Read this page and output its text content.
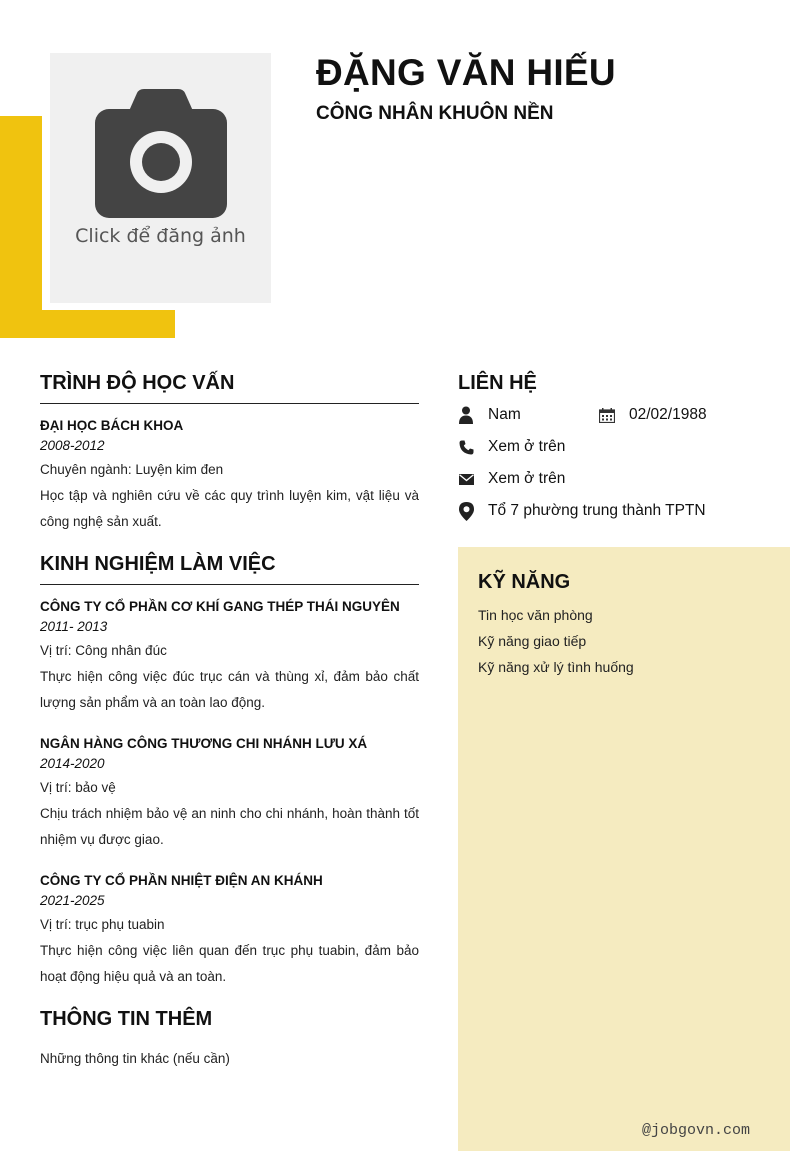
Click để đăng ảnh
ĐẶNG VĂN HIẾU
CÔNG NHÂN KHUÔN NỀN
TRÌNH ĐỘ HỌC VẤN
ĐẠI HỌC BÁCH KHOA
2008-2012
Chuyên ngành: Luyện kim đen
Học tập và nghiên cứu về các quy trình luyện kim, vật liệu và công nghệ sản xuất.
KINH NGHIỆM LÀM VIỆC
CÔNG TY CỔ PHẦN CƠ KHÍ GANG THÉP THÁI NGUYÊN
2011- 2013
Vị trí: Công nhân đúc
Thực hiện công việc đúc trục cán và thùng xỉ, đảm bảo chất lượng sản phẩm và an toàn lao động.
NGÂN HÀNG CÔNG THƯƠNG CHI NHÁNH LƯU XÁ
2014-2020
Vị trí: bảo vệ
Chịu trách nhiệm bảo vệ an ninh cho chi nhánh, hoàn thành tốt nhiệm vụ được giao.
CÔNG TY CỔ PHẦN NHIỆT ĐIỆN AN KHÁNH
2021-2025
Vị trí: trục phụ tuabin
Thực hiện công việc liên quan đến trục phụ tuabin, đảm bảo hoạt động hiệu quả và an toàn.
THÔNG TIN THÊM
Những thông tin khác (nếu cần)
LIÊN HỆ
Nam	02/02/1988
Xem ở trên
Xem ở trên
Tổ 7 phường trung thành TPTN
KỸ NĂNG
Tin học văn phòng
Kỹ năng giao tiếp
Kỹ năng xử lý tình huống
@jobgovn.com
